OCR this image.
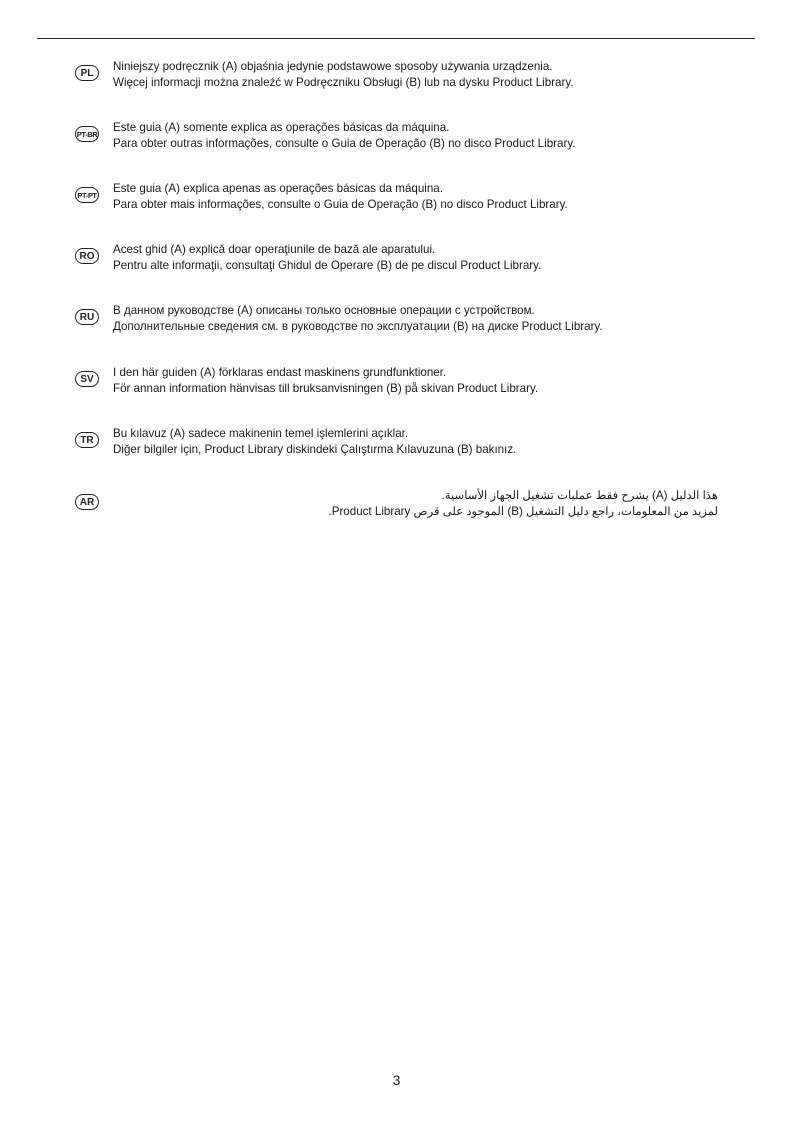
PL	Niniejszy podręcznik (A) objaśnia jedynie podstawowe sposoby używania urządzenia.
Więcej informacji można znaleźć w Podręczniku Obsługi (B) lub na dysku Product Library.
PT-BR Este guia (A) somente explica as operações básicas da máquina.
Para obter outras informações, consulte o Guia de Operação (B) no disco Product Library.
PT-PT Este guia (A) explica apenas as operações básicas da máquina.
Para obter mais informações, consulte o Guia de Operação (B) no disco Product Library.
RO	Acest ghid (A) explică doar operaţiunile de bază ale aparatului.
Pentru alte informaţii, consultaţi Ghidul de Operare (B) de pe discul Product Library.
RU	В данном руководстве (A) описаны только основные операции с устройством.
Дополнительные сведения см. в руководстве по эксплуатации (B) на диске Product Library.
SV	I den här guiden (A) förklaras endast maskinens grundfunktioner.
För annan information hänvisas till bruksanvisningen (B) på skivan Product Library.
TR	Bu kılavuz (A) sadece makinenin temel işlemlerini açıklar.
Diğer bilgiler için, Product Library diskindeki Çalıştırma Kılavuzuna (B) bakınız.
AR	هذا الدليل (A) يشرح فقط عمليات تشغيل الجهاز الأساسية.
لمزيد من المعلومات، راجع دليل التشغيل (B) الموجود على قرص Product Library.
3
